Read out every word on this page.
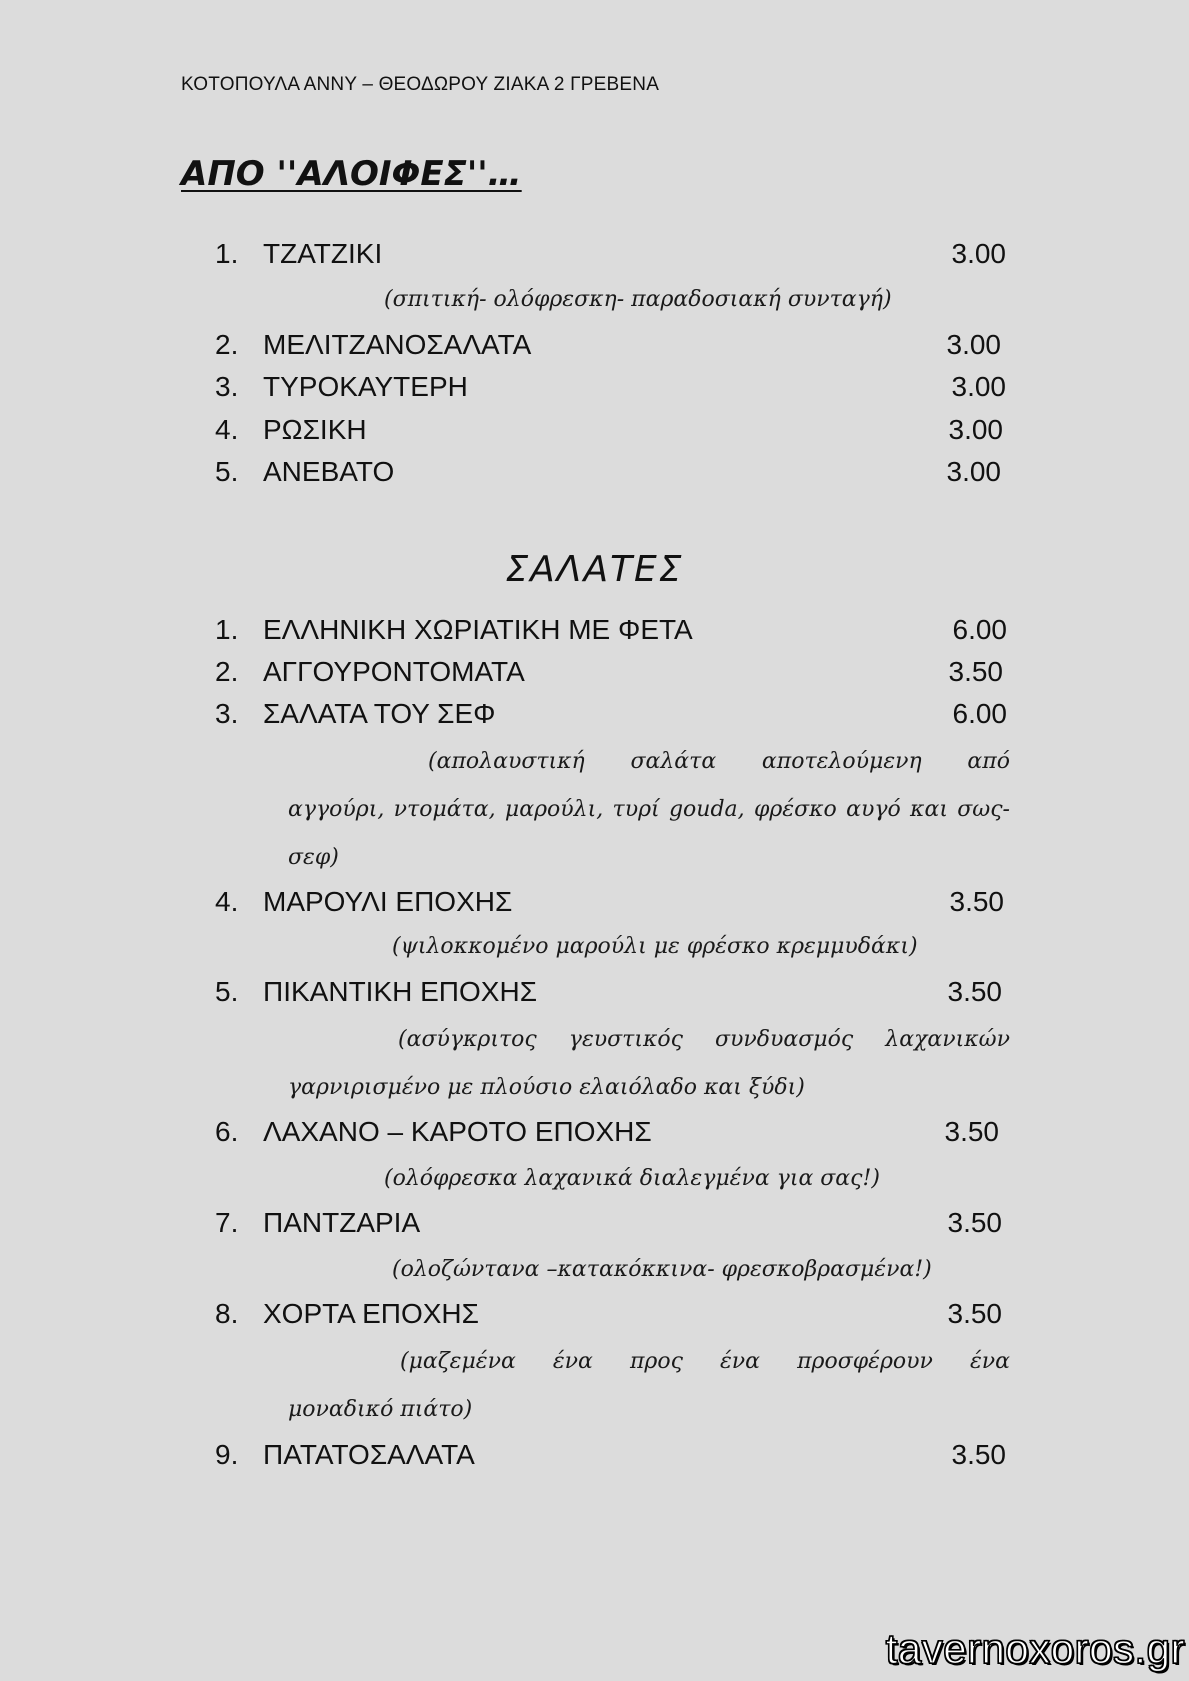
ΚΟΤΟΠΟΥΛΑ ΑΝΝΥ – ΘΕΟΔΩΡΟΥ ΖΙΑΚΑ 2 ΓΡΕΒΕΝΑ
ΑΠΟ ''ΑΛΟΙΦΕΣ''…
1. ΤΖΑΤΖΙΚΙ	3.00
(σπιτική- ολόφρεσκη- παραδοσιακή συνταγή)
2. ΜΕΛΙΤΖΑΝΟΣΑΛΑΤΑ	3.00
3. ΤΥΡΟΚΑΥΤΕΡΗ	3.00
4. ΡΩΣΙΚΗ	3.00
5. ΑΝΕΒΑΤΟ	3.00
ΣΑΛΑΤΕΣ
1. ΕΛΛΗΝΙΚΗ ΧΩΡΙΑΤΙΚΗ ΜΕ ΦΕΤΑ	6.00
2. ΑΓΓΟΥΡΟΝΤΟΜΑΤΑ	3.50
3. ΣΑΛΑΤΑ ΤΟΥ ΣΕΦ	6.00
(απολαυστική σαλάτα αποτελούμενη από
αγγούρι, ντομάτα, μαρούλι, τυρί gouda, φρέσκο αυγό και σως-σεφ)
4. ΜΑΡΟΥΛΙ ΕΠΟΧΗΣ	3.50
(ψιλοκκομένο μαρούλι με φρέσκο κρεμμυδάκι)
5. ΠΙΚΑΝΤΙΚΗ ΕΠΟΧΗΣ	3.50
(ασύγκριτος γευστικός συνδυασμός λαχανικών
γαρνιρισμένο με πλούσιο ελαιόλαδο και ξύδι)
6. ΛΑΧΑΝΟ – ΚΑΡΟΤΟ ΕΠΟΧΗΣ	3.50
(ολόφρεσκα λαχανικά διαλεγμένα για σας!)
7. ΠΑΝΤΖΑΡΙΑ	3.50
(ολοζώντανα –κατακόκκινα- φρεσκοβρασμένα!)
8. ΧΟΡΤΑ ΕΠΟΧΗΣ	3.50
(μαζεμένα ένα προς ένα προσφέρουν ένα
μοναδικό πιάτο)
9. ΠΑΤΑΤΟΣΑΛΑΤΑ	3.50
tavernoxoros.gr
